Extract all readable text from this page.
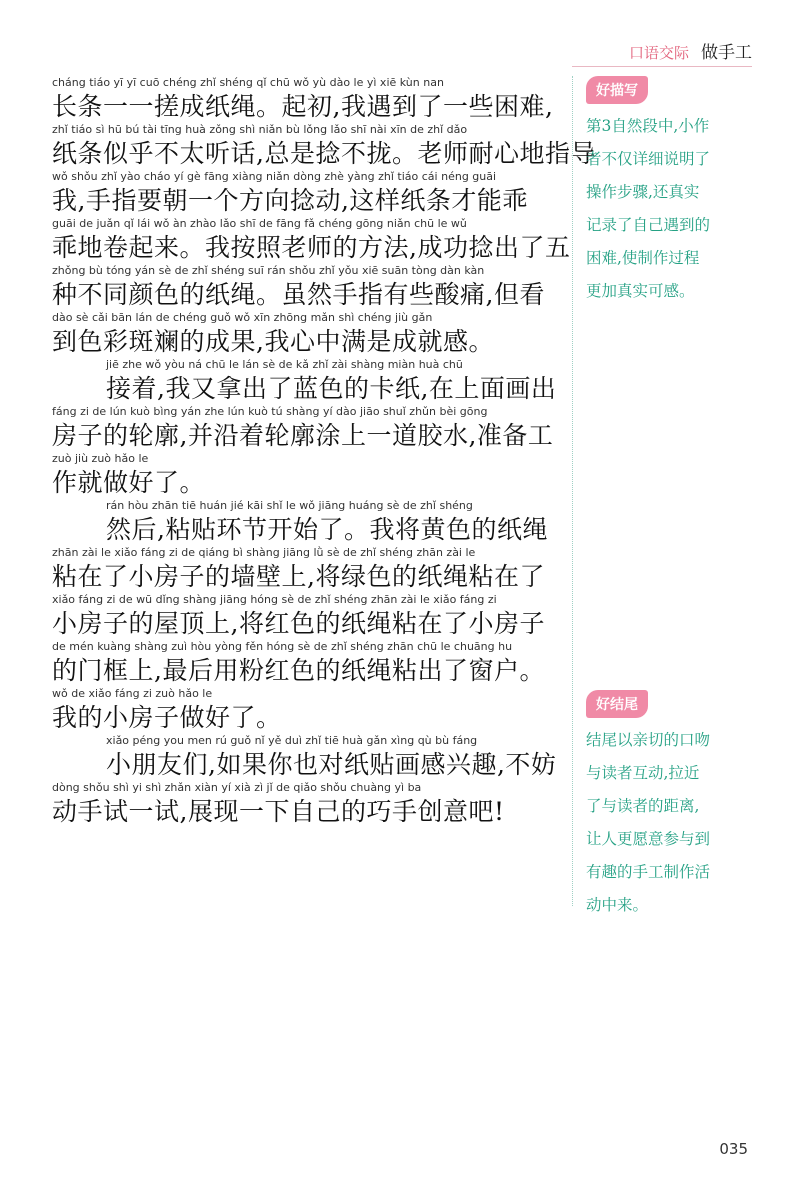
口语交际 做手工
cháng tiáo yī yī cuō chéng zhǐ shéng qǐ chū wǒ yù dào le yì xiē kùn nan
长条一一搓成纸绳。起初,我遇到了一些困难,
zhǐ tiáo sì hū bú tài tīng huà zǒng shì niǎn bù lǒng lǎo shī nài xīn de zhǐ dǎo
纸条似乎不太听话,总是捻不拢。老师耐心地指导
wǒ shǒu zhǐ yào cháo yí gè fāng xiàng niǎn dòng zhè yàng zhǐ tiáo cái néng guāi
我,手指要朝一个方向捻动,这样纸条才能乖
guāi de juǎn qǐ lái wǒ àn zhào lǎo shī de fāng fǎ chéng gōng niǎn chū le wǔ
乖地卷起来。我按照老师的方法,成功捻出了五
zhǒng bù tóng yán sè de zhǐ shéng suī rán shǒu zhǐ yǒu xiē suān tòng dàn kàn
种不同颜色的纸绳。虽然手指有些酸痛,但看
dào sè cǎi bān lán de chéng guǒ wǒ xīn zhōng mǎn shì chéng jiù gǎn
到色彩斑斓的成果,我心中满是成就感。
jiē zhe wǒ yòu ná chū le lán sè de kǎ zhǐ zài shàng miàn huà chū
接着,我又拿出了蓝色的卡纸,在上面画出
fáng zi de lún kuò bìng yán zhe lún kuò tú shàng yí dào jiāo shuǐ zhǔn bèi gōng
房子的轮廓,并沿着轮廓涂上一道胶水,准备工
zuò jiù zuò hǎo le
作就做好了。
rán hòu zhān tiē huán jié kāi shǐ le wǒ jiāng huáng sè de zhǐ shéng
然后,粘贴环节开始了。我将黄色的纸绳
zhān zài le xiǎo fáng zi de qiáng bì shàng jiāng lǜ sè de zhǐ shéng zhān zài le
粘在了小房子的墙壁上,将绿色的纸绳粘在了
xiǎo fáng zi de wū dǐng shàng jiāng hóng sè de zhǐ shéng zhān zài le xiǎo fáng zi
小房子的屋顶上,将红色的纸绳粘在了小房子
de mén kuàng shàng zuì hòu yòng fěn hóng sè de zhǐ shéng zhān chū le chuāng hu
的门框上,最后用粉红色的纸绳粘出了窗户。
wǒ de xiǎo fáng zi zuò hǎo le
我的小房子做好了。
xiǎo péng you men rú guǒ nǐ yě duì zhǐ tiē huà gǎn xìng qù bù fáng
小朋友们,如果你也对纸贴画感兴趣,不妨
dòng shǒu shì yi shì zhǎn xiàn yí xià zì jǐ de qiǎo shǒu chuàng yì ba
动手试一试,展现一下自己的巧手创意吧!
好描写
第3自然段中,小作
者不仅详细说明了
操作步骤,还真实
记录了自己遇到的
困难,使制作过程
更加真实可感。
好结尾
结尾以亲切的口吻
与读者互动,拉近
了与读者的距离,
让人更愿意参与到
有趣的手工制作活
动中来。
035
